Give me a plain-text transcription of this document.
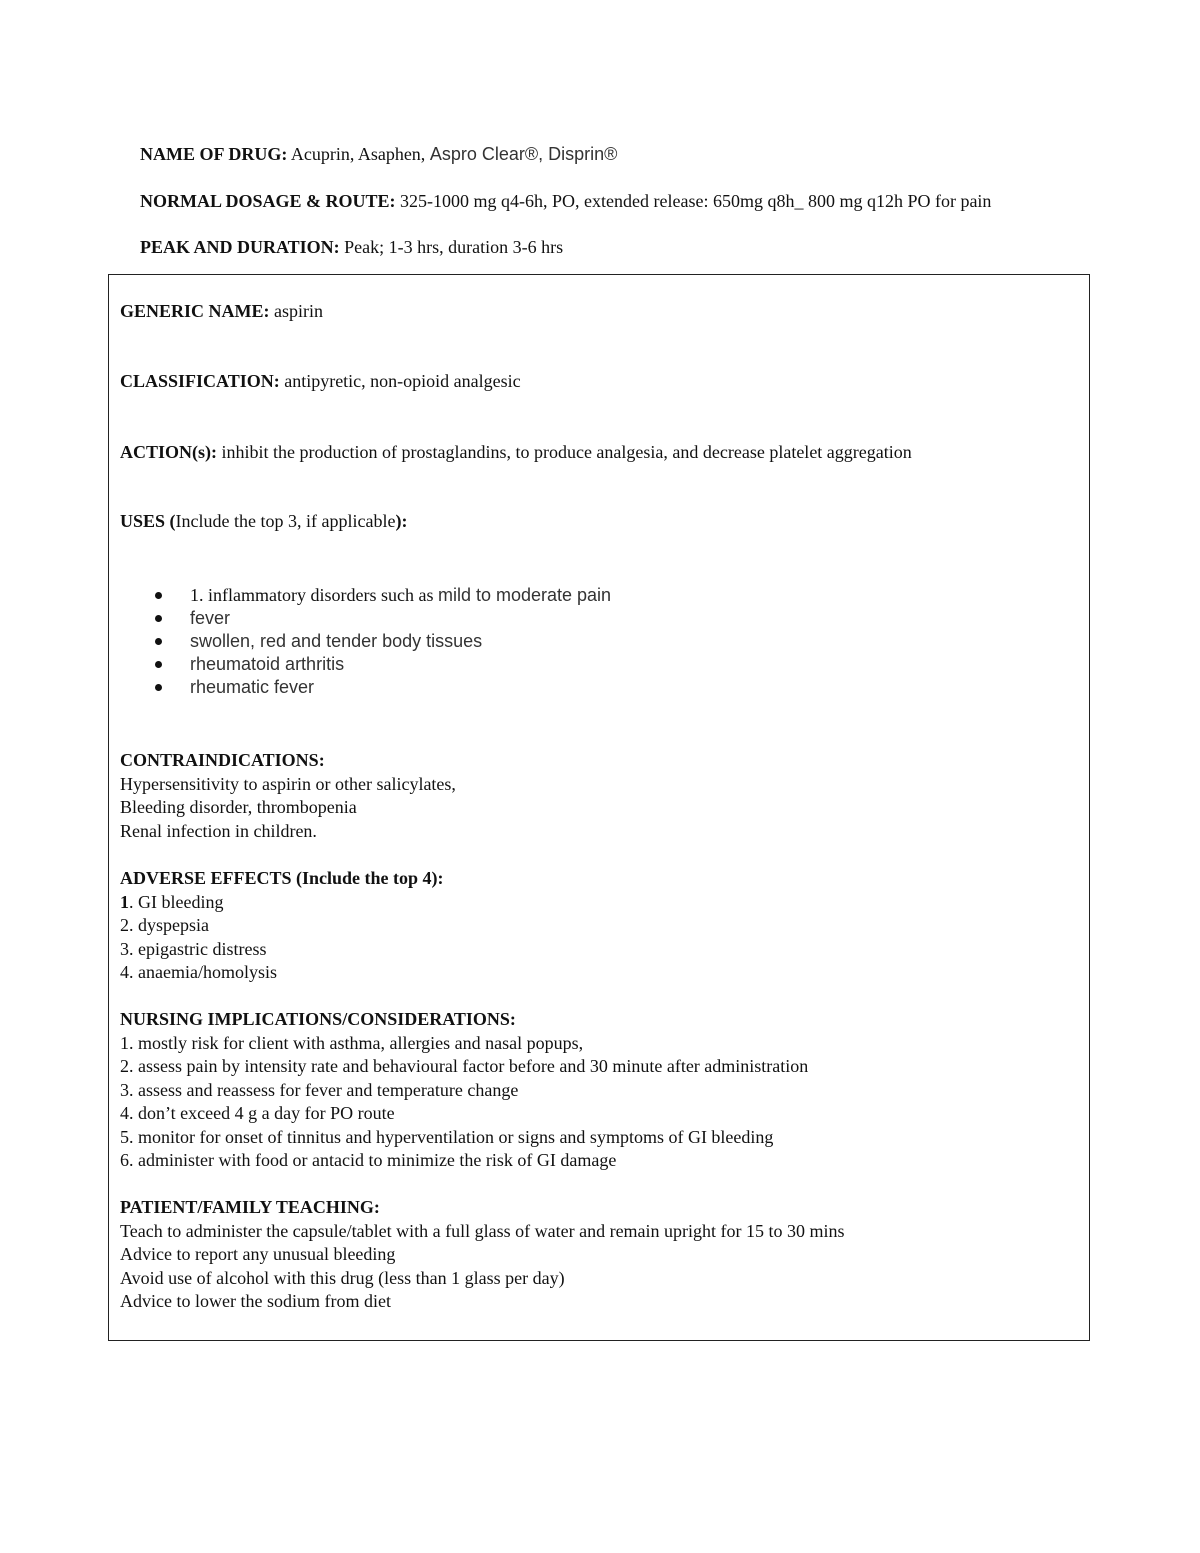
NAME OF DRUG: Acuprin, Asaphen, Aspro Clear®, Disprin®
NORMAL DOSAGE & ROUTE: 325-1000 mg q4-6h, PO, extended release: 650mg q8h_ 800 mg q12h PO for pain
PEAK AND DURATION: Peak; 1-3 hrs, duration 3-6 hrs
GENERIC NAME: aspirin
CLASSIFICATION: antipyretic, non-opioid analgesic
ACTION(s): inhibit the production of prostaglandins, to produce analgesia, and decrease platelet aggregation
USES (Include the top 3, if applicable):
1. inflammatory disorders such as mild to moderate pain
fever
swollen, red and tender body tissues
rheumatoid arthritis
rheumatic fever
CONTRAINDICATIONS:
Hypersensitivity to aspirin or other salicylates,
Bleeding disorder, thrombopenia
Renal infection in children.
ADVERSE EFFECTS (Include the top 4):
1. GI bleeding
2. dyspepsia
3. epigastric distress
4. anaemia/homolysis
NURSING IMPLICATIONS/CONSIDERATIONS:
1. mostly risk for client with asthma, allergies and nasal popups,
2. assess pain by intensity rate and behavioural factor before and 30 minute after administration
3. assess and reassess for fever and temperature change
4. don’t exceed 4 g a day for PO route
5. monitor for onset of tinnitus and hyperventilation or signs and symptoms of GI bleeding
6. administer with food or antacid to minimize the risk of GI damage
PATIENT/FAMILY TEACHING:
Teach to administer the capsule/tablet with a full glass of water and remain upright for 15 to 30 mins
Advice to report any unusual bleeding
Avoid use of alcohol with this drug (less than 1 glass per day)
Advice to lower the sodium from diet
